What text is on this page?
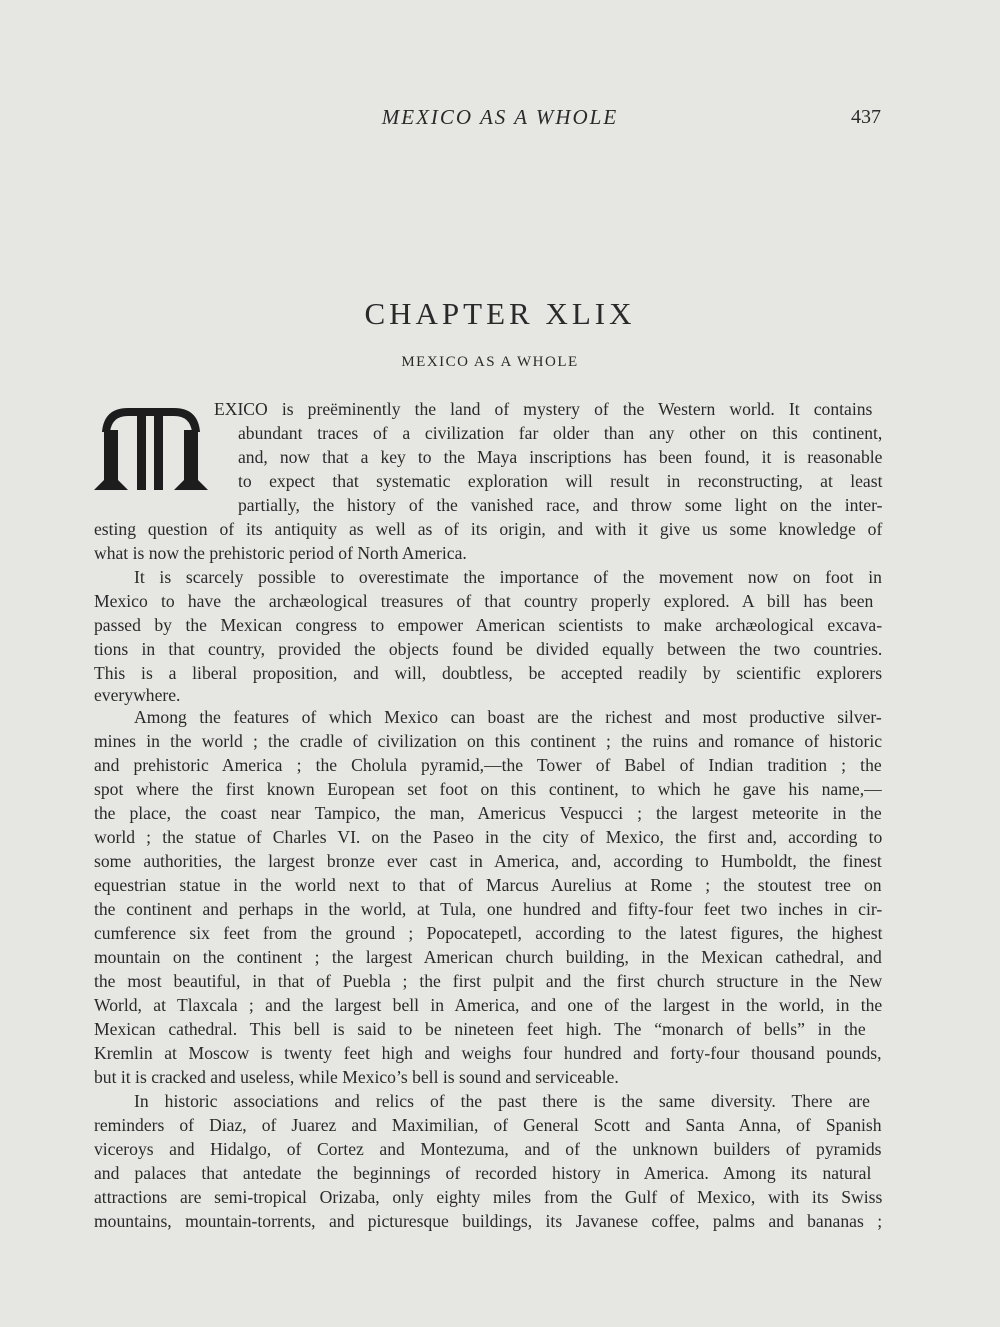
MEXICO AS A WHOLE	437
CHAPTER XLIX
MEXICO AS A WHOLE
EXICO is preëminently the land of mystery of the Western world. It contains
abundant traces of a civilization far older than any other on this continent,
and, now that a key to the Maya inscriptions has been found, it is reasonable
to expect that systematic exploration will result in reconstructing, at least
partially, the history of the vanished race, and throw some light on the inter-
esting question of its antiquity as well as of its origin, and with it give us some knowledge of
what is now the prehistoric period of North America.
It is scarcely possible to overestimate the importance of the movement now on foot in
Mexico to have the archæological treasures of that country properly explored. A bill has been
passed by the Mexican congress to empower American scientists to make archæological excava-
tions in that country, provided the objects found be divided equally between the two countries.
This is a liberal proposition, and will, doubtless, be accepted readily by scientific explorers
everywhere.
Among the features of which Mexico can boast are the richest and most productive silver-
mines in the world ; the cradle of civilization on this continent ; the ruins and romance of historic
and prehistoric America ; the Cholula pyramid,—the Tower of Babel of Indian tradition ; the
spot where the first known European set foot on this continent, to which he gave his name,—
the place, the coast near Tampico, the man, Americus Vespucci ; the largest meteorite in the
world ; the statue of Charles VI. on the Paseo in the city of Mexico, the first and, according to
some authorities, the largest bronze ever cast in America, and, according to Humboldt, the finest
equestrian statue in the world next to that of Marcus Aurelius at Rome ; the stoutest tree on
the continent and perhaps in the world, at Tula, one hundred and fifty-four feet two inches in cir-
cumference six feet from the ground ; Popocatepetl, according to the latest figures, the highest
mountain on the continent ; the largest American church building, in the Mexican cathedral, and
the most beautiful, in that of Puebla ; the first pulpit and the first church structure in the New
World, at Tlaxcala ; and the largest bell in America, and one of the largest in the world, in the
Mexican cathedral. This bell is said to be nineteen feet high. The “monarch of bells” in the
Kremlin at Moscow is twenty feet high and weighs four hundred and forty-four thousand pounds,
but it is cracked and useless, while Mexico’s bell is sound and serviceable.
In historic associations and relics of the past there is the same diversity. There are
reminders of Diaz, of Juarez and Maximilian, of General Scott and Santa Anna, of Spanish
viceroys and Hidalgo, of Cortez and Montezuma, and of the unknown builders of pyramids
and palaces that antedate the beginnings of recorded history in America. Among its natural
attractions are semi-tropical Orizaba, only eighty miles from the Gulf of Mexico, with its Swiss
mountains, mountain-torrents, and picturesque buildings, its Javanese coffee, palms and bananas ;
